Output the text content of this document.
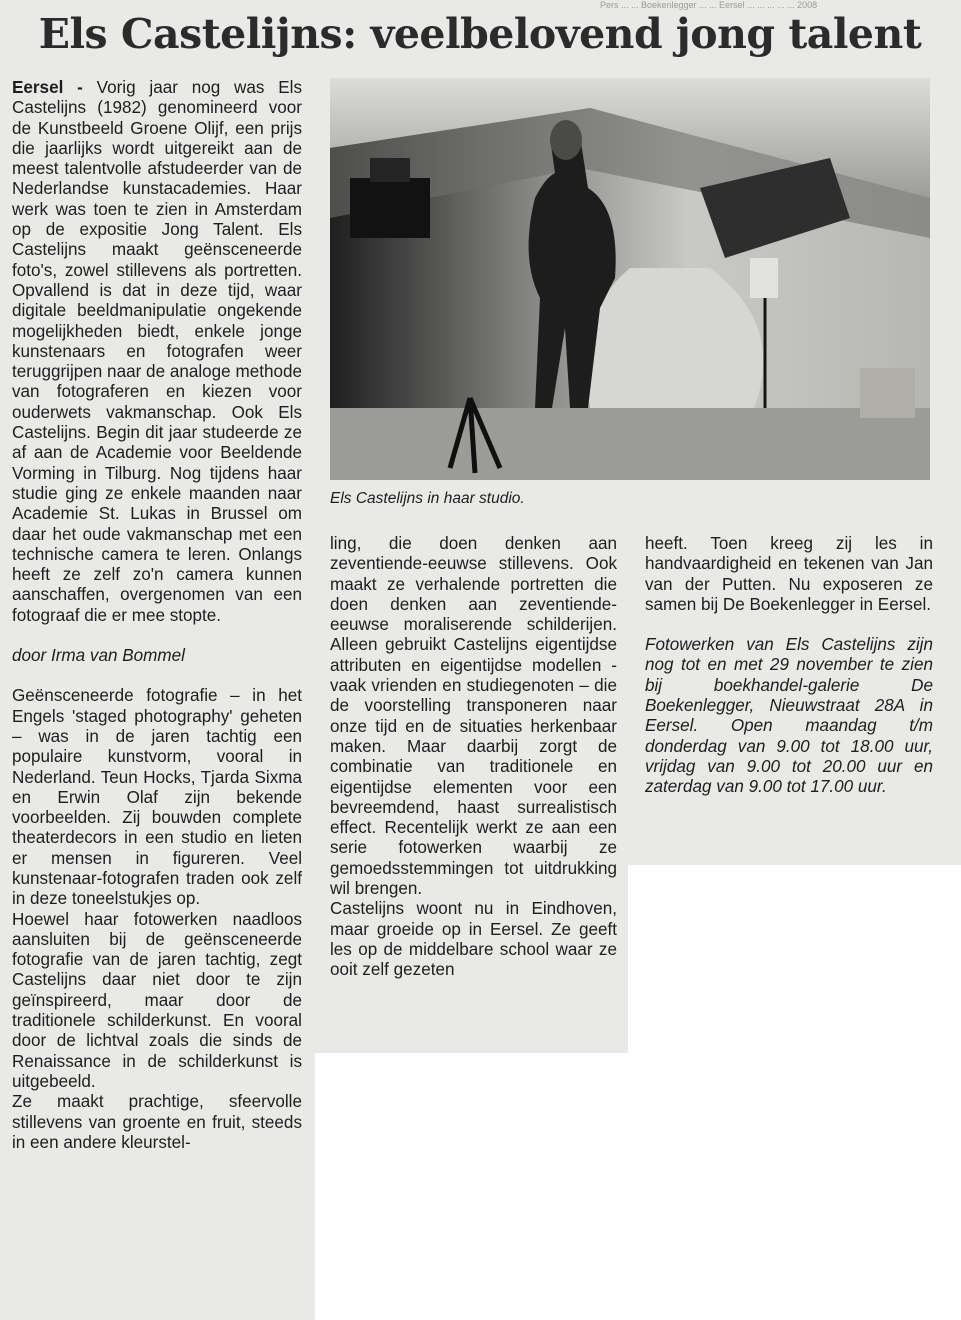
Pers ... ... Boekenlegger ... ... Eersel ... ... ... ... ... 2008
Els Castelijns: veelbelovend jong talent

Eersel - Vorig jaar nog was Els Castelijns (1982) genomineerd voor de Kunstbeeld Groene Olijf, een prijs die jaarlijks wordt uitgereikt aan de meest talentvolle afstudeerder van de Nederlandse kunstacademies. Haar werk was toen te zien in Amsterdam op de expositie Jong Talent. Els Castelijns maakt geënsceneerde foto's, zowel stillevens als portretten. Opvallend is dat in deze tijd, waar digitale beeldmanipulatie ongekende mogelijkheden biedt, enkele jonge kunstenaars en fotografen weer teruggrijpen naar de analoge methode van fotograferen en kiezen voor ouderwets vakmanschap. Ook Els Castelijns. Begin dit jaar studeerde ze af aan de Academie voor Beeldende Vorming in Tilburg. Nog tijdens haar studie ging ze enkele maanden naar Academie St. Lukas in Brussel om daar het oude vakmanschap met een technische camera te leren. Onlangs heeft ze zelf zo'n camera kunnen aanschaffen, overgenomen van een fotograaf die er mee stopte.

door Irma van Bommel

Geënsceneerde fotografie – in het Engels 'staged photography' geheten – was in de jaren tachtig een populaire kunstvorm, vooral in Nederland. Teun Hocks, Tjarda Sixma en Erwin Olaf zijn bekende voorbeelden. Zij bouwden complete theaterdecors in een studio en lieten er mensen in figureren. Veel kunstenaar-fotografen traden ook zelf in deze toneelstukjes op.

Hoewel haar fotowerken naadloos aansluiten bij de geënsceneerde fotografie van de jaren tachtig, zegt Castelijns daar niet door te zijn geïnspireerd, maar door de traditionele schilderkunst. En vooral door de lichtval zoals die sinds de Renaissance in de schilderkunst is uitgebeeld.

Ze maakt prachtige, sfeervolle stillevens van groente en fruit, steeds in een andere kleurstel-

Els Castelijns in haar studio.

ling, die doen denken aan zeventiende-eeuwse stillevens. Ook maakt ze verhalende portretten die doen denken aan zeventiende-eeuwse moraliserende schilderijen. Alleen gebruikt Castelijns eigentijdse attributen en eigentijdse modellen - vaak vrienden en studiegenoten – die de voorstelling transponeren naar onze tijd en de situaties herkenbaar maken. Maar daarbij zorgt de combinatie van traditionele en eigentijdse elementen voor een bevreemdend, haast surrealistisch effect. Recentelijk werkt ze aan een serie fotowerken waarbij ze gemoedsstemmingen tot uitdrukking wil brengen.

Castelijns woont nu in Eindhoven, maar groeide op in Eersel. Ze geeft les op de middelbare school waar ze ooit zelf gezeten

heeft. Toen kreeg zij les in handvaardigheid en tekenen van Jan van der Putten. Nu exposeren ze samen bij De Boekenlegger in Eersel.

Fotowerken van Els Castelijns zijn nog tot en met 29 november te zien bij boekhandel-galerie De Boekenlegger, Nieuwstraat 28A in Eersel. Open maandag t/m donderdag van 9.00 tot 18.00 uur, vrijdag van 9.00 tot 20.00 uur en zaterdag van 9.00 tot 17.00 uur.
